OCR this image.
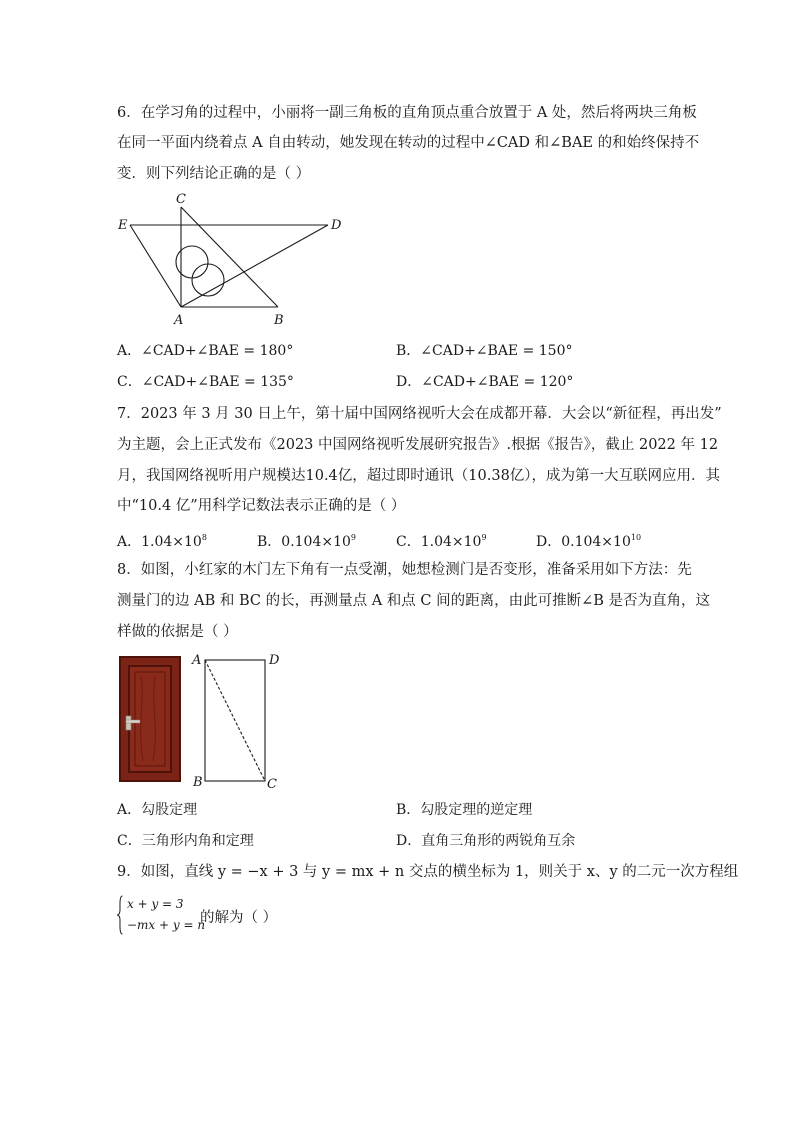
6．在学习角的过程中，小丽将一副三角板的直角顶点重合放置于 A 处，然后将两块三角板
在同一平面内绕着点 A 自由转动，她发现在转动的过程中∠CAD 和∠BAE 的和始终保持不
变．则下列结论正确的是（ ）
C
E	D
A	B
A．∠CAD+∠BAE = 180°	B．∠CAD+∠BAE = 150°
C．∠CAD+∠BAE = 135°	D．∠CAD+∠BAE = 120°
7．2023 年 3 月 30 日上午，第十届中国网络视听大会在成都开幕．大会以“新征程，再出发”
为主题，会上正式发布《2023 中国网络视听发展研究报告》.根据《报告》，截止 2022 年 12
月，我国网络视听用户规模达10.4亿，超过即时通讯（10.38亿），成为第一大互联网应用．其
中“10.4 亿”用科学记数法表示正确的是（ ）
A．$1.04\times 10^8$	B．$0.104\times 10^9$	C．$1.04\times 10^9$	D．$0.104\times 10^{10}$
8．如图，小红家的木门左下角有一点受潮，她想检测门是否变形，准备采用如下方法：先
测量门的边 AB 和 BC 的长，再测量点 A 和点 C 间的距离，由此可推断∠B 是否为直角，这
样做的依据是（ ）
A	D
B	C
A．勾股定理	B．勾股定理的逆定理
C．三角形内角和定理	D．直角三角形的两锐角互余
9．如图，直线 y = −x + 3 与 y = mx + n 交点的横坐标为 1，则关于 x、y 的二元一次方程组
x + y = 3
−mx + y = n
的解为（ ）
